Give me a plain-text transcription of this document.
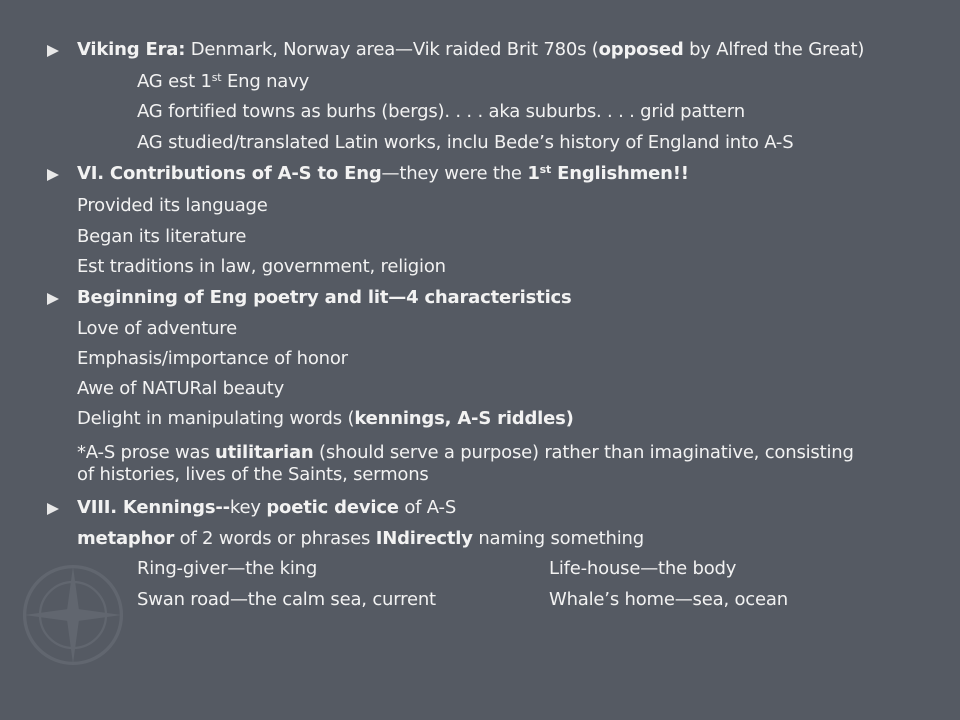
Viking Era: Denmark, Norway area—Vik raided Brit 780s (opposed by Alfred the Great)
AG est 1st Eng navy
AG fortified towns as burhs (bergs). . . . aka suburbs. . . . grid pattern
AG studied/translated Latin works, inclu Bede’s history of England into A-S
VI. Contributions of A-S to Eng—they were the 1st Englishmen!!
Provided its language
Began its literature
Est traditions in law, government, religion
Beginning of Eng poetry and lit—4 characteristics
Love of adventure
Emphasis/importance of honor
Awe of NATURal beauty
Delight in manipulating words (kennings, A-S riddles)
*A-S prose was utilitarian (should serve a purpose) rather than imaginative, consisting
of histories, lives of the Saints, sermons
VIII. Kennings--key poetic device of A-S
metaphor of 2 words or phrases INdirectly naming something
Ring-giver—the king	Life-house—the body
Swan road—the calm sea, current	Whale’s home—sea, ocean
